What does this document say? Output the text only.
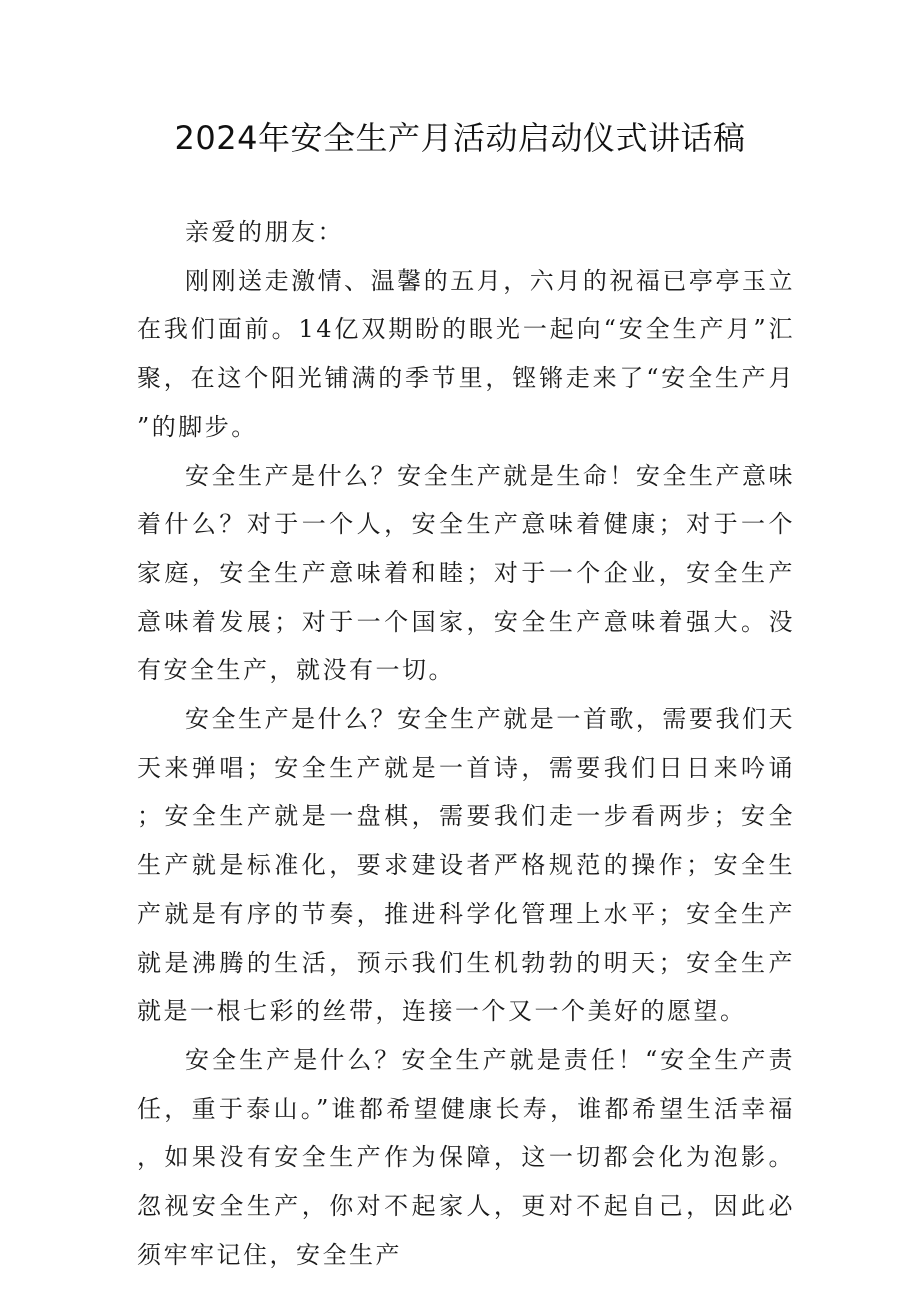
2024年安全生产月活动启动仪式讲话稿

亲爱的朋友：

刚刚送走激情、温馨的五月，六月的祝福已亭亭玉立在我们面前。14亿双期盼的眼光一起向“安全生产月”汇聚，在这个阳光铺满的季节里，铿锵走来了“安全生产月”的脚步。

安全生产是什么？安全生产就是生命！安全生产意味着什么？对于一个人，安全生产意味着健康；对于一个家庭，安全生产意味着和睦；对于一个企业，安全生产意味着发展；对于一个国家，安全生产意味着强大。没有安全生产，就没有一切。

安全生产是什么？安全生产就是一首歌，需要我们天天来弹唱；安全生产就是一首诗，需要我们日日来吟诵；安全生产就是一盘棋，需要我们走一步看两步；安全生产就是标准化，要求建设者严格规范的操作；安全生产就是有序的节奏，推进科学化管理上水平；安全生产就是沸腾的生活，预示我们生机勃勃的明天；安全生产就是一根七彩的丝带，连接一个又一个美好的愿望。

安全生产是什么？安全生产就是责任！“安全生产责任，重于泰山。”谁都希望健康长寿，谁都希望生活幸福，如果没有安全生产作为保障，这一切都会化为泡影。忽视安全生产，你对不起家人，更对不起自己，因此必须牢牢记住，安全生产
